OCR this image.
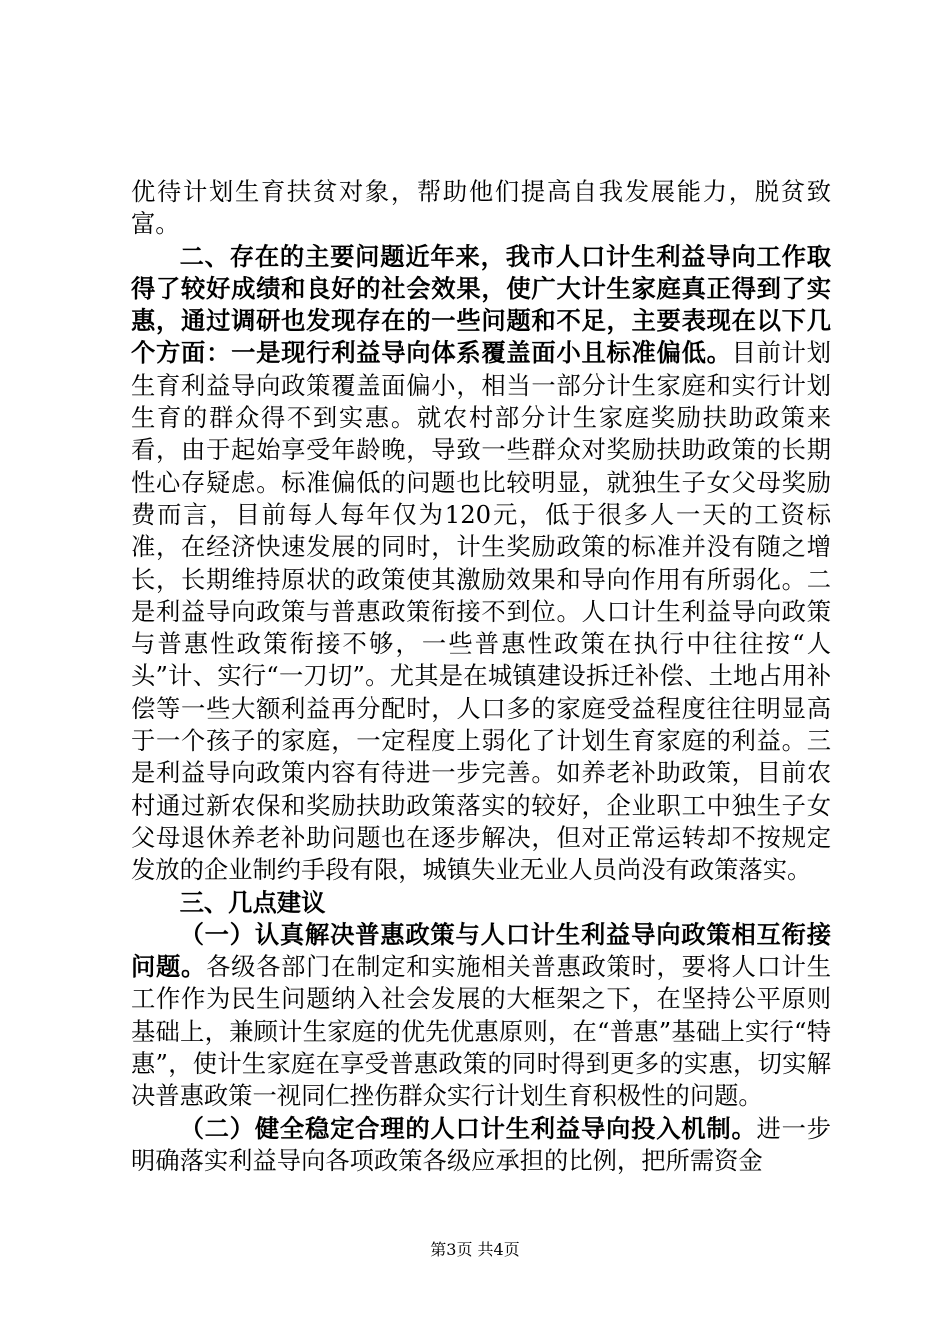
优待计划生育扶贫对象，帮助他们提高自我发展能力，脱贫致富。

二、存在的主要问题近年来，我市人口计生利益导向工作取得了较好成绩和良好的社会效果，使广大计生家庭真正得到了实惠，通过调研也发现存在的一些问题和不足，主要表现在以下几个方面：一是现行利益导向体系覆盖面小且标准偏低。目前计划生育利益导向政策覆盖面偏小，相当一部分计生家庭和实行计划生育的群众得不到实惠。就农村部分计生家庭奖励扶助政策来看，由于起始享受年龄晚，导致一些群众对奖励扶助政策的长期性心存疑虑。标准偏低的问题也比较明显，就独生子女父母奖励费而言，目前每人每年仅为120元，低于很多人一天的工资标准，在经济快速发展的同时，计生奖励政策的标准并没有随之增长，长期维持原状的政策使其激励效果和导向作用有所弱化。二是利益导向政策与普惠政策衔接不到位。人口计生利益导向政策与普惠性政策衔接不够，一些普惠性政策在执行中往往按“人头”计、实行“一刀切”。尤其是在城镇建设拆迁补偿、土地占用补偿等一些大额利益再分配时，人口多的家庭受益程度往往明显高于一个孩子的家庭，一定程度上弱化了计划生育家庭的利益。三是利益导向政策内容有待进一步完善。如养老补助政策，目前农村通过新农保和奖励扶助政策落实的较好，企业职工中独生子女父母退休养老补助问题也在逐步解决，但对正常运转却不按规定发放的企业制约手段有限，城镇失业无业人员尚没有政策落实。

三、几点建议

（一）认真解决普惠政策与人口计生利益导向政策相互衔接问题。各级各部门在制定和实施相关普惠政策时，要将人口计生工作作为民生问题纳入社会发展的大框架之下，在坚持公平原则基础上，兼顾计生家庭的优先优惠原则，在“普惠”基础上实行“特惠”，使计生家庭在享受普惠政策的同时得到更多的实惠，切实解决普惠政策一视同仁挫伤群众实行计划生育积极性的问题。

（二）健全稳定合理的人口计生利益导向投入机制。进一步明确落实利益导向各项政策各级应承担的比例，把所需资金

第3页 共4页
